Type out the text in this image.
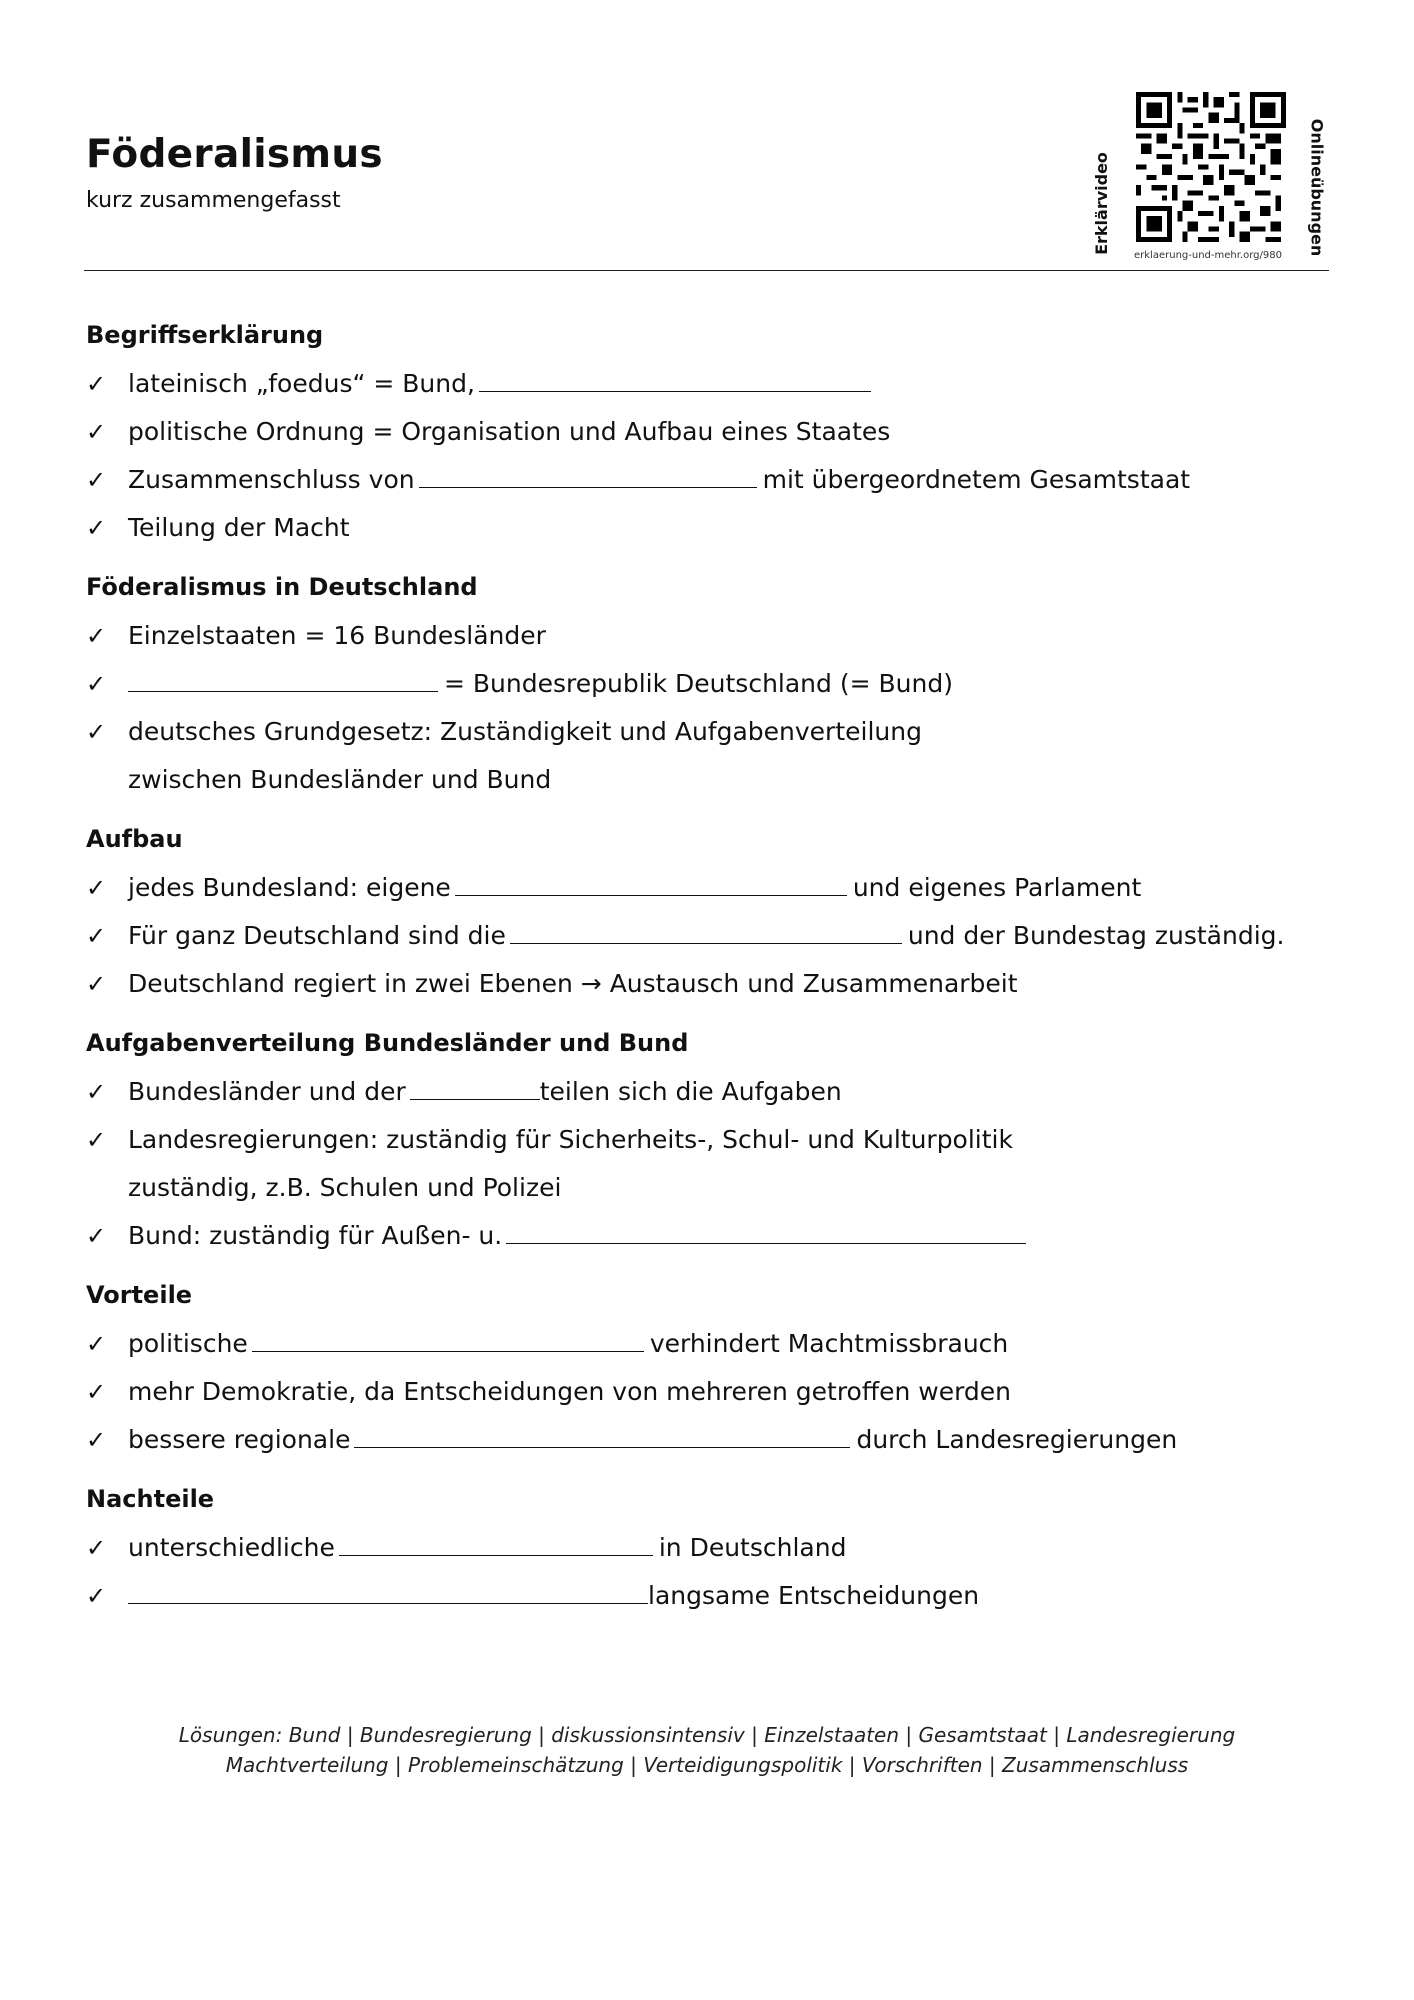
Föderalismus

kurz zusammengefasst	Erklärvideo	Onlineübungen
erklaerung-und-mehr.org/980
Begriffserklärung
✓ lateinisch „foedus“ = Bund,
✓ politische Ordnung = Organisation und Aufbau eines Staates
✓ Zusammenschluss von	mit übergeordnetem Gesamtstaat
✓ Teilung der Macht
Föderalismus in Deutschland
✓ Einzelstaaten = 16 Bundesländer
✓	= Bundesrepublik Deutschland (= Bund)
✓ deutsches Grundgesetz: Zuständigkeit und Aufgabenverteilung
zwischen Bundesländer und Bund
Aufbau
✓ jedes Bundesland: eigene	und eigenes Parlament
✓ Für ganz Deutschland sind die	und der Bundestag zuständig.
✓ Deutschland regiert in zwei Ebenen → Austausch und Zusammenarbeit
Aufgabenverteilung Bundesländer und Bund
✓ Bundesländer und der	teilen sich die Aufgaben
✓ Landesregierungen: zuständig für Sicherheits-, Schul- und Kulturpolitik
zuständig, z.B. Schulen und Polizei
✓ Bund: zuständig für Außen- u.
Vorteile
✓ politische	verhindert Machtmissbrauch
✓ mehr Demokratie, da Entscheidungen von mehreren getroffen werden
✓ bessere regionale	durch Landesregierungen
Nachteile
✓ unterschiedliche	in Deutschland
✓	langsame Entscheidungen
Lösungen: Bund | Bundesregierung | diskussionsintensiv | Einzelstaaten | Gesamtstaat | Landesregierung
Machtverteilung | Problemeinschätzung | Verteidigungspolitik | Vorschriften | Zusammenschluss
